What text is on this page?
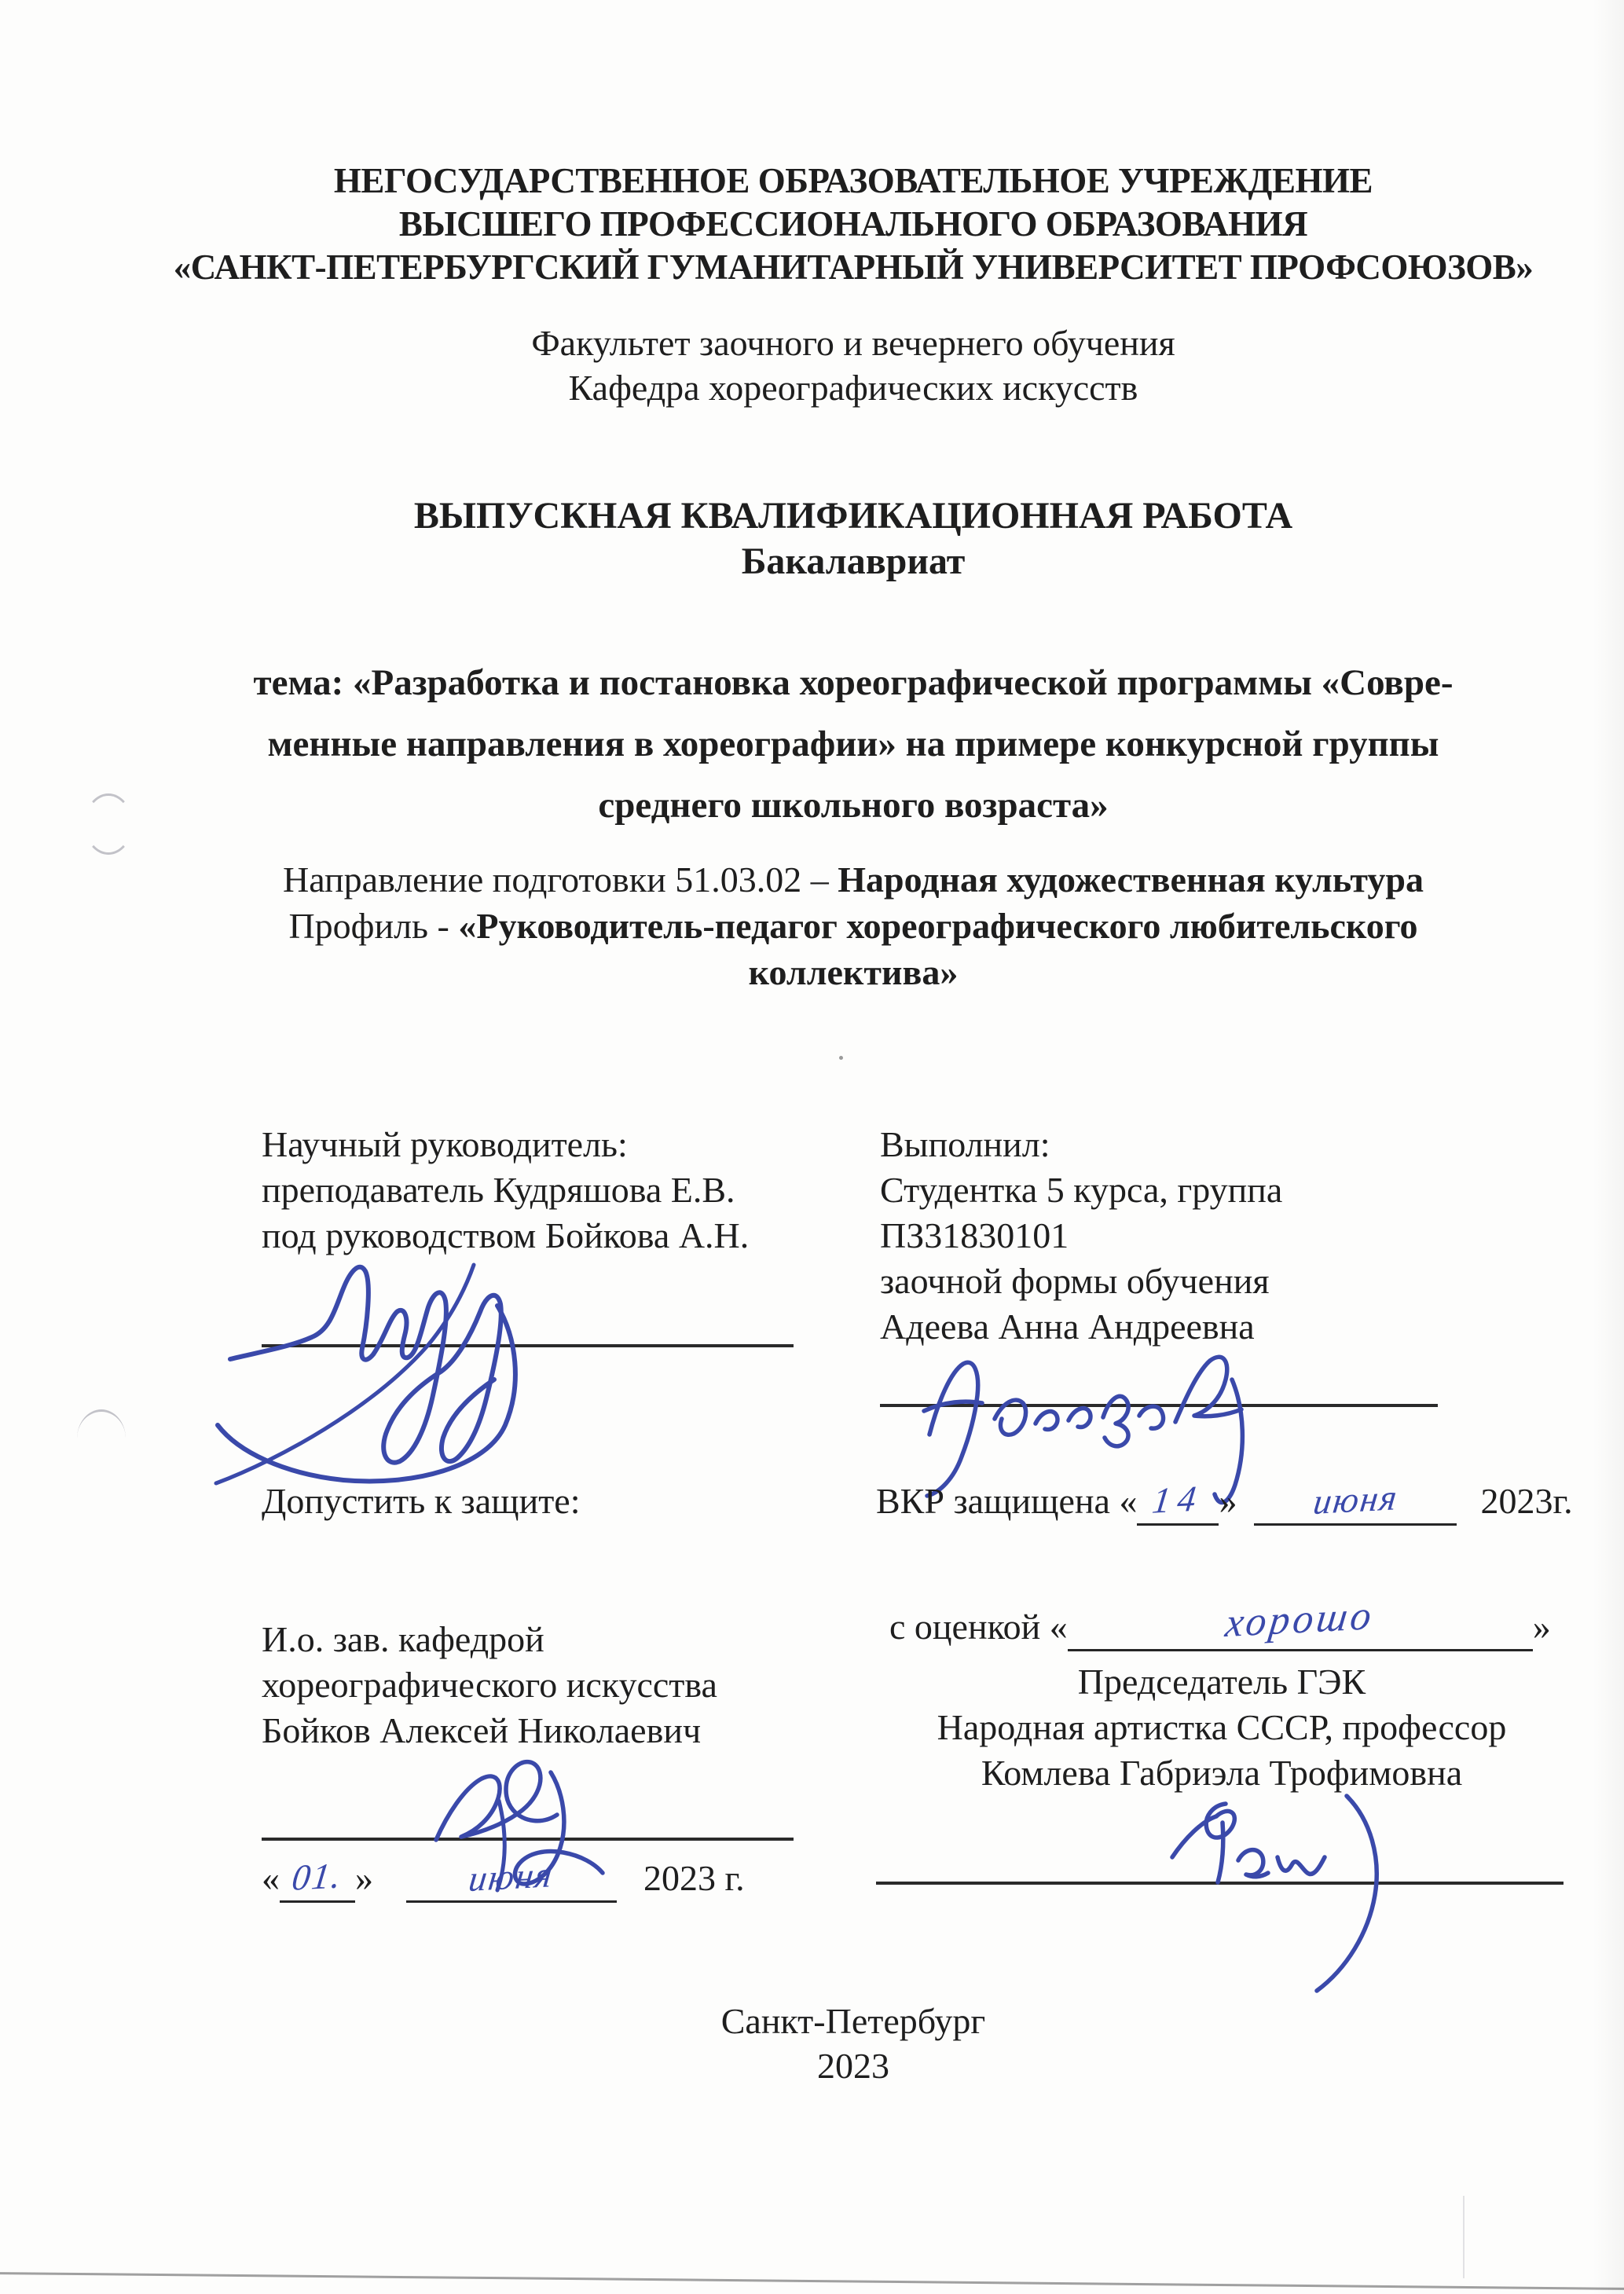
НЕГОСУДАРСТВЕННОЕ ОБРАЗОВАТЕЛЬНОЕ УЧРЕЖДЕНИЕ
ВЫСШЕГО ПРОФЕССИОНАЛЬНОГО ОБРАЗОВАНИЯ
«САНКТ-ПЕТЕРБУРГСКИЙ ГУМАНИТАРНЫЙ УНИВЕРСИТЕТ ПРОФСОЮЗОВ»
Факультет заочного и вечернего обучения
Кафедра хореографических искусств
ВЫПУСКНАЯ КВАЛИФИКАЦИОННАЯ РАБОТА
Бакалавриат
тема: «Разработка и постановка хореографической программы «Совре-
менные направления в хореографии» на примере конкурсной группы
среднего школьного возраста»
Направление подготовки 51.03.02 – Народная художественная культура
Профиль - «Руководитель-педагог хореографического любительского
коллектива»
Научный руководитель:
преподаватель Кудряшова Е.В.
под руководством Бойкова А.Н.
Выполнил:
Студентка 5 курса, группа
ПЗ31830101
заочной формы обучения
Адеева Анна Андреевна
Допустить к защите:
И.о. зав. кафедрой
хореографического искусства
Бойков Алексей Николаевич
« 01. »	июня 2023 г.
ВКР защищена « 14 » июня 2023г.
с оценкой «	хорошо	»
Председатель ГЭК
Народная артистка СССР, профессор
Комлева Габриэла Трофимовна
Санкт-Петербург
2023
